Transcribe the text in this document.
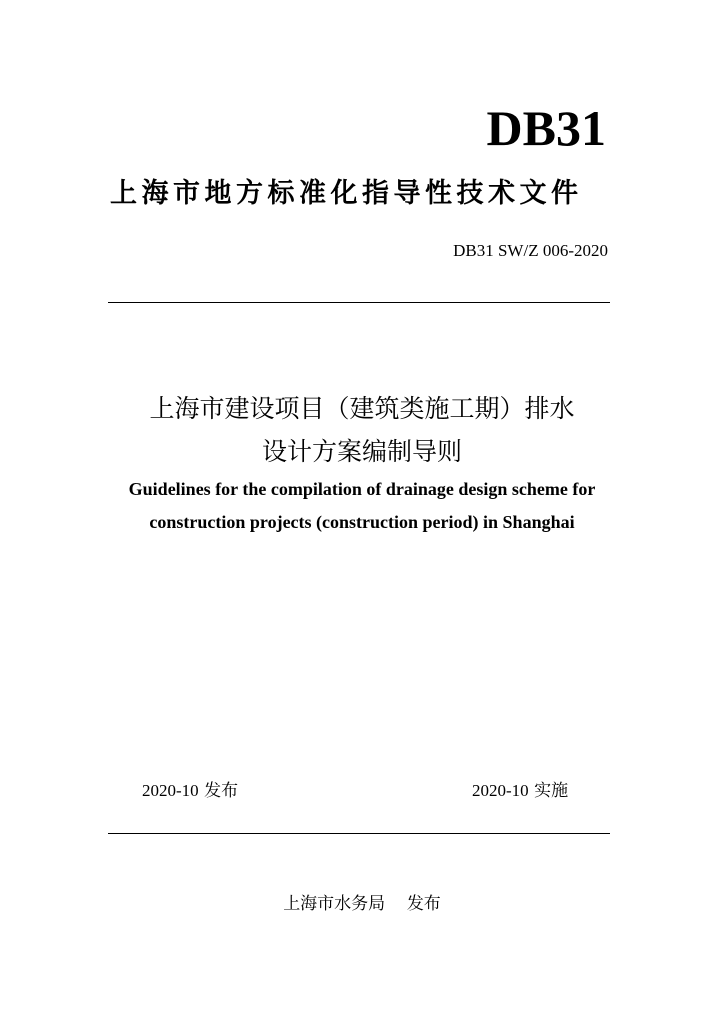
DB31
上海市地方标准化指导性技术文件
DB31 SW/Z 006-2020
上海市建设项目（建筑类施工期）排水
设计方案编制导则
Guidelines for the compilation of drainage design scheme for
construction projects (construction period) in Shanghai
2020-10 发布	2020-10 实施
上海市水务局 发布
